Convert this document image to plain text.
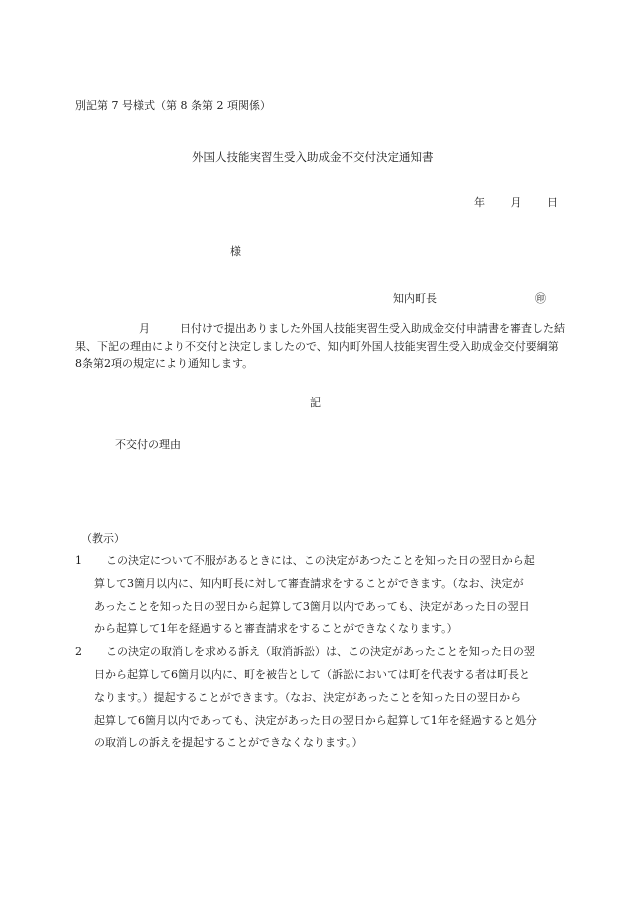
別記第 7 号様式（第 8 条第 2 項関係）
外国人技能実習生受入助成金不交付決定通知書
年 月 日
様
知内町長	㊞
月	日付けで提出ありました外国人技能実習生受入助成金交付申請書を審査した結果、下記の理由により不交付と決定しましたので、知内町外国人技能実習生受入助成金交付要綱第8条第2項の規定により通知します。
記
不交付の理由
（教示）
1	この決定について不服があるときには、この決定があつたことを知った日の翌日から起
算して3箇月以内に、知内町長に対して審査請求をすることができます。（なお、決定が
あったことを知った日の翌日から起算して3箇月以内であっても、決定があった日の翌日
から起算して1年を経過すると審査請求をすることができなくなります。）
2	この決定の取消しを求める訴え（取消訴訟）は、この決定があったことを知った日の翌
日から起算して6箇月以内に、町を被告として（訴訟においては町を代表する者は町長と
なります。）提起することができます。（なお、決定があったことを知った日の翌日から
起算して6箇月以内であっても、決定があった日の翌日から起算して1年を経過すると処分
の取消しの訴えを提起することができなくなります。）
